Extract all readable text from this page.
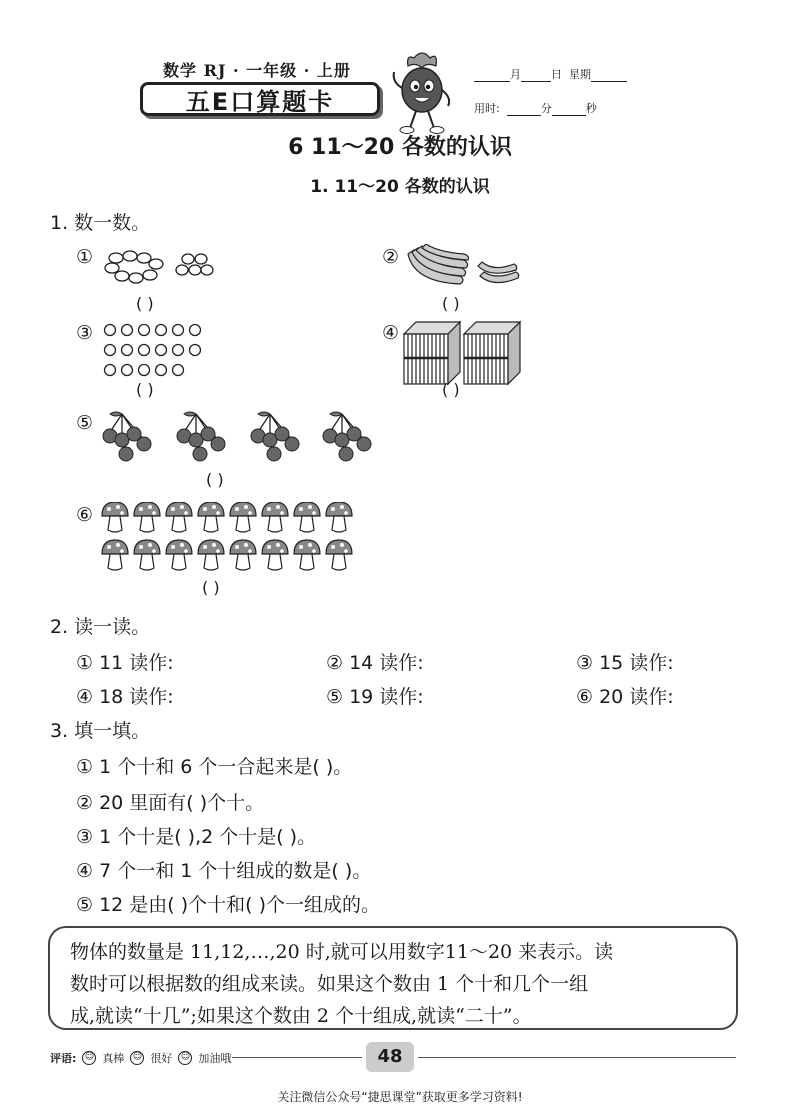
数学 RJ · 一年级 · 上册
五E口算题卡
月	日 星期
用时:	分	秒
6 11～20 各数的认识
1. 11～20 各数的认识
1. 数一数。
①
( )
②
( )
③
( )
④
( )
⑤
( )
⑥
( )
2. 读一读。
① 11 读作:	② 14 读作:	③ 15 读作:
④ 18 读作:	⑤ 19 读作:	⑥ 20 读作:
3. 填一填。
① 1 个十和 6 个一合起来是( )。
② 20 里面有( )个十。
③ 1 个十是( ),2 个十是( )。
④ 7 个一和 1 个十组成的数是( )。
⑤ 12 是由( )个十和( )个一组成的。
物体的数量是 11,12,…,20 时,就可以用数字11～20 来表示。读
数时可以根据数的组成来读。如果这个数由 1 个十和几个一组
成,就读“十几”;如果这个数由 2 个十组成,就读“二十”。
评语: ☺ 真棒 ☺ 很好 ☺ 加油哦	48
关注微信公众号“捷思课堂”获取更多学习资料!
